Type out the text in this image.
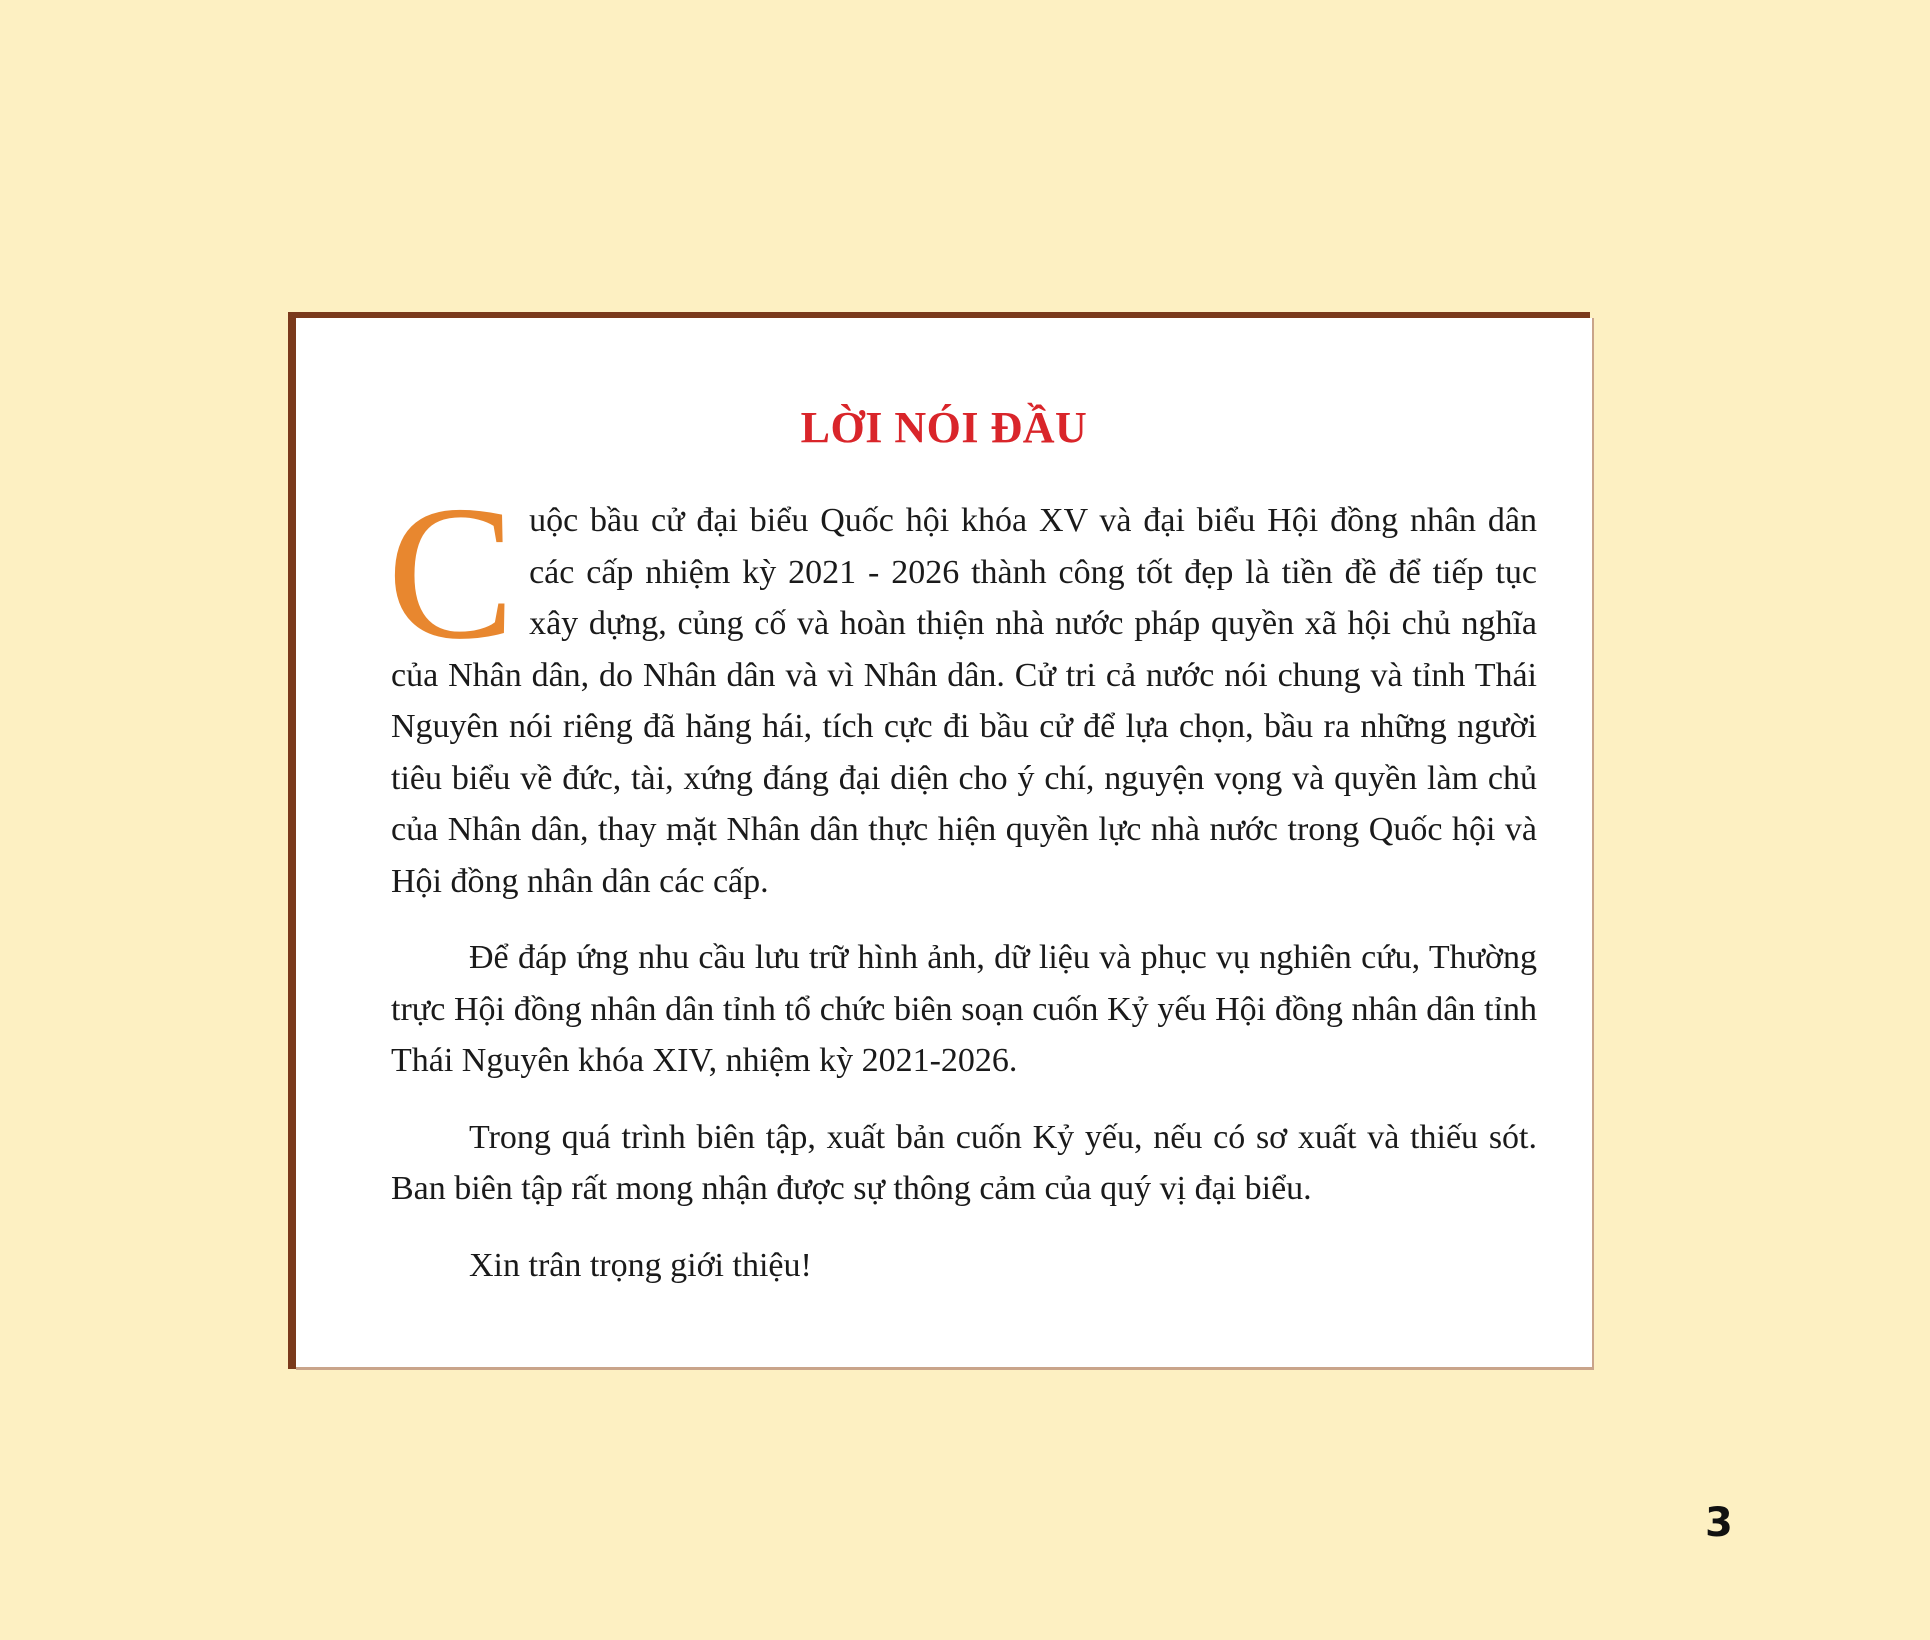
LỜI NÓI ĐẦU

Cuộc bầu cử đại biểu Quốc hội khóa XV và đại biểu Hội đồng nhân dân các cấp nhiệm kỳ 2021 - 2026 thành công tốt đẹp là tiền đề để tiếp tục xây dựng, củng cố và hoàn thiện nhà nước pháp quyền xã hội chủ nghĩa của Nhân dân, do Nhân dân và vì Nhân dân. Cử tri cả nước nói chung và tỉnh Thái Nguyên nói riêng đã hăng hái, tích cực đi bầu cử để lựa chọn, bầu ra những người tiêu biểu về đức, tài, xứng đáng đại diện cho ý chí, nguyện vọng và quyền làm chủ của Nhân dân, thay mặt Nhân dân thực hiện quyền lực nhà nước trong Quốc hội và Hội đồng nhân dân các cấp.

Để đáp ứng nhu cầu lưu trữ hình ảnh, dữ liệu và phục vụ nghiên cứu, Thường trực Hội đồng nhân dân tỉnh tổ chức biên soạn cuốn Kỷ yếu Hội đồng nhân dân tỉnh Thái Nguyên khóa XIV, nhiệm kỳ 2021-2026.

Trong quá trình biên tập, xuất bản cuốn Kỷ yếu, nếu có sơ xuất và thiếu sót. Ban biên tập rất mong nhận được sự thông cảm của quý vị đại biểu.

Xin trân trọng giới thiệu!

3
